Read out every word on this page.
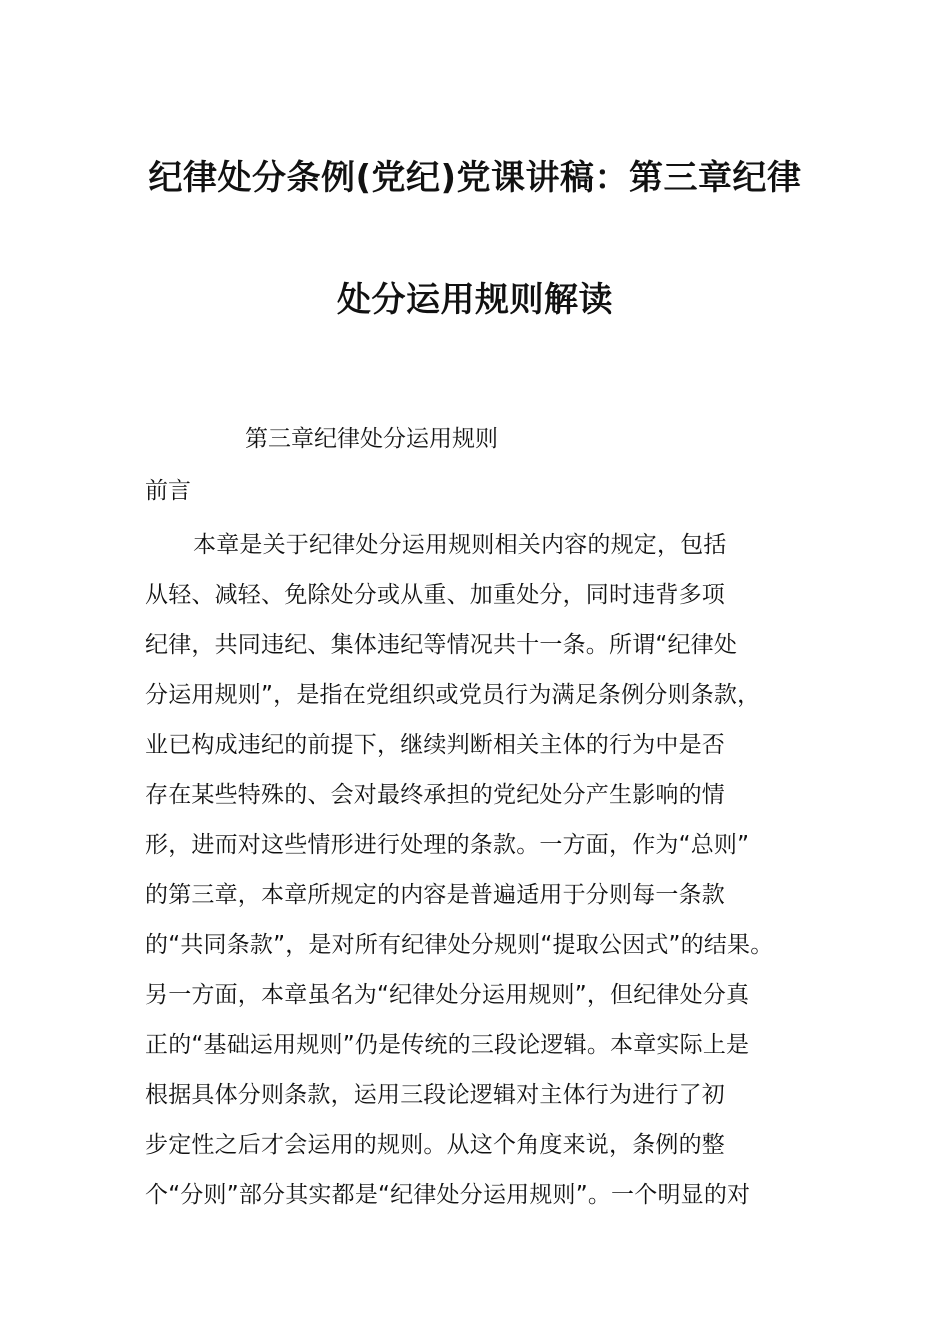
纪律处分条例(党纪)党课讲稿：第三章纪律
处分运用规则解读
第三章纪律处分运用规则
前言
本章是关于纪律处分运用规则相关内容的规定，包括
从轻、减轻、免除处分或从重、加重处分，同时违背多项
纪律，共同违纪、集体违纪等情况共十一条。所谓“纪律处
分运用规则”，是指在党组织或党员行为满足条例分则条款，
业已构成违纪的前提下，继续判断相关主体的行为中是否
存在某些特殊的、会对最终承担的党纪处分产生影响的情
形，进而对这些情形进行处理的条款。一方面，作为“总则”
的第三章，本章所规定的内容是普遍适用于分则每一条款
的“共同条款”，是对所有纪律处分规则“提取公因式”的结果。
另一方面，本章虽名为“纪律处分运用规则”，但纪律处分真
正的“基础运用规则”仍是传统的三段论逻辑。本章实际上是
根据具体分则条款，运用三段论逻辑对主体行为进行了初
步定性之后才会运用的规则。从这个角度来说，条例的整
个“分则”部分其实都是“纪律处分运用规则”。一个明显的对
